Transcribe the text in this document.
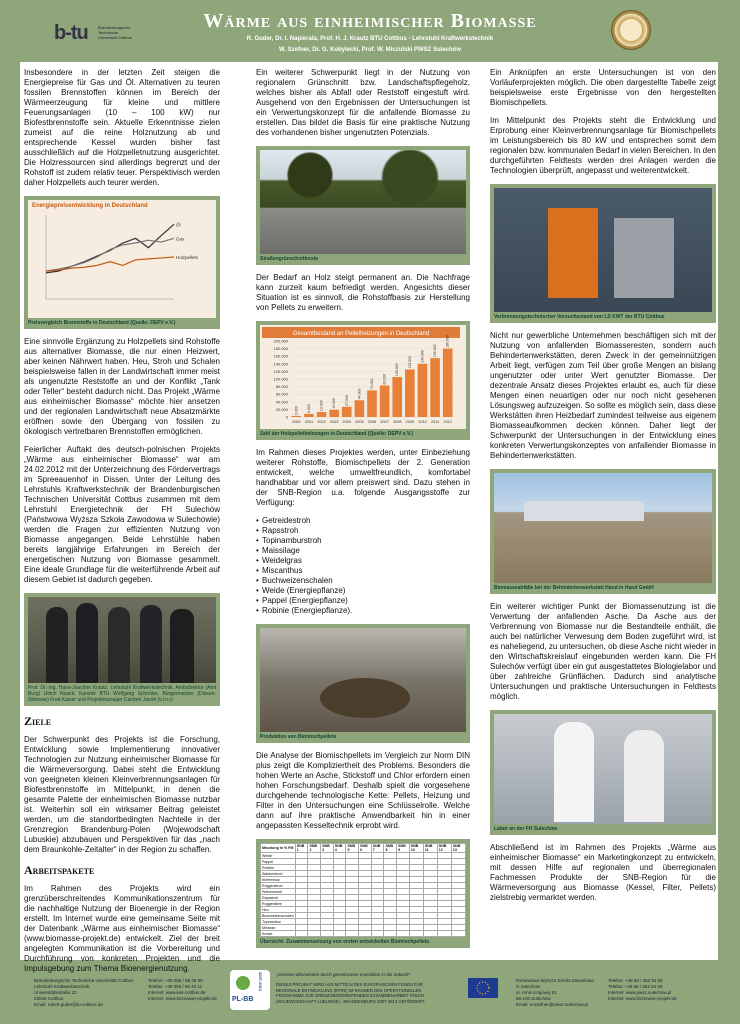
b-tu	Brandenburgische Technische Universität Cottbus
Wärme aus einheimischer Biomasse
R. Guder, Dr. I. Napierala, Prof. H. J. Krautz BTU Cottbus - Lehrstuhl Kraftwerkstechnik
W. Szefner, Dr. G. Kobylecki, Prof. W. Miczulski PWSZ Sulechów

Insbesondere in der letzten Zeit steigen die Energiepreise für Gas und Öl. Alternativen zu teuren fossilen Brennstoffen können im Bereich der Wärmeerzeugung für kleine und mittlere Feuerungsanlagen (10 – 100 kW) nur Biofestbrennstoffe sein. Aktuelle Erkenntnisse zielen zumeist auf die reine Holznutzung ab und entsprechende Kessel wurden bisher fast ausschließlich auf die Holzpelletnutzung ausgerichtet. Die Holzressourcen sind allerdings begrenzt und der Rohstoff ist zudem relativ teuer. Perspektivisch werden daher Holzpellets auch teurer werden.

Energiepreisentwicklung in Deutschland
Öl
Gas
Holzpellets
Preisvergleich Brennstoffe in Deutschland (Quelle: DEPV e.V.)

Eine sinnvolle Ergänzung zu Holzpellets sind Rohstoffe aus alternativer Biomasse, die nur einen Heizwert, aber keinen Nährwert haben. Heu, Stroh und Schalen beispielsweise fallen in der Landwirtschaft immer meist als ungenutzte Reststoffe an und der Konflikt „Tank oder Teller“ besteht dadurch nicht. Das Projekt „Wärme aus einheimischer Biomasse“ möchte hier ansetzen und der regionalen Landwirtschaft neue Absatzmärkte eröffnen sowie den Übergang von fossilen zu ökologisch vertretbaren Brennstoffen ermöglichen.

Feierlicher Auftakt des deutsch-polnischen Projekts „Wärme aus einheimischer Biomasse“ war am 24.02.2012 mit der Unterzeichnung des Fördervertrags im Spreeauenhof in Dissen. Unter der Leitung des Lehrstuhls Kraftwerkstechnik der Brandenburgischen Technischen Universität Cottbus zusammen mit dem Lehrstuhl Energietechnik der FH Sulechów (Państwowa Wyższa Szkoła Zawodowa w Sulechowie) werden die Fragen zur effizienten Nutzung von Biomasse angegangen. Beide Lehrstühle haben bereits langjährige Erfahrungen im Bereich der energetischen Nutzung von Biomasse gesammelt. Eine ideale Grundlage für die weiterführende Arbeit auf diesem Gebiet ist dadurch gegeben.

Prof. Dr.-Ing. Hans-Joachim Krautz, Lehrstuhl Kraftwerkstechnik, Amtsdirektor (Amt Burg) Ulrich Noack, Kanzler BTU Wolfgang Schröder, Bürgermeister (Dissen-Striesow) Fred Kaiser und Projektmanager Carsten Jacob (v.l.n.r)
Ziele

Der Schwerpunkt des Projekts ist die Forschung, Entwicklung sowie Implementierung innovativer Technologien zur Nutzung einheimischer Biomasse für die Wärmeversorgung. Dabei steht die Entwicklung von geeigneten kleinen Kleinverbrennungsanlagen für Biofestbrennstoffe im Mittelpunkt, in denen die gesamte Palette der einheimischen Biomasse nutzbar ist. Weiterhin soll ein wirksamer Beitrag geleistet werden, um die standortbedingten Nachteile in der Grenzregion Brandenburg-Polen (Wojewodschaft Lubuskie) abzubauen und Perspektiven für das „nach dem Braunkohle-Zeitalter“ in der Region zu schaffen.

Arbeitspakete

Im Rahmen des Projekts wird ein grenzüberschreitendes Kommunikationszentrum für die nachhaltige Nutzung der Bioenergie in der Region erstellt. Im Internet wurde eine gemeinsame Seite mit der Datenbank „Wärme aus einheimischer Biomasse“ (www.biomasse-projekt.de) entwickelt. Ziel der breit angelegten Kommunikation ist die Vorbereitung und Durchführung von konkreten Projekten und die Impulsgebung zum Thema Bioenergienutzung.

Ein weiterer Schwerpunkt liegt in der Nutzung von regionalem Grünschnitt bzw. Landschaftspflegeholz, welches bisher als Abfall oder Reststoff eingestuft wird. Ausgehend von den Ergebnissen der Untersuchungen ist ein Verwertungskonzept für die anfallende Biomasse zu erstellen. Das bildet die Basis für eine praktische Nutzung des vorhandenen bisher ungenutzten Potenzials.

Straßengrünschnittreste

Der Bedarf an Holz steigt permanent an. Die Nachfrage kann zurzeit kaum befriedigt werden. Angesichts dieser Situation ist es sinnvoll, die Rohstoffbasis zur Herstellung von Pellets zu erweitern.

Gesamtbestand an Pelletheizungen in Deutschland
0
20.000
40.000
60.000
80.000
100.000
120.000
140.000
160.000
180.000
200.000
3.000
2000
8.000
2001
13.000
2002
19.000
2003
27.000
2004
44.000
2005
70.000
2006
83.000
2007
105.000
2008
125.000
2009
140.000
2010
155.000
2011
180.000
2012
Zahl der Holzpelletheizungen in Deutschland (Quelle: DEPV e.V.)

Im Rahmen dieses Projektes werden, unter Einbeziehung weiterer Rohstoffe, Biomischpellets der 2. Generation entwickelt, welche umweltfreundlich, komfortabel handhabbar und vor allem preiswert sind. Dazu stehen in der SNB-Region u.a. folgende Ausgangsstoffe zur Verfügung:

• Getreidestroh
• Rapsstroh
• Topinamburstroh
• Maissilage
• Weidelgras
• Miscanthus
• Buchweizenschalen
• Weide (Energiepflanze)
• Pappel (Energiepflanze)
• Robinie (Energiepflanze).
Produktion von Biomischpellets

Die Analyse der Biomischpellets im Vergleich zur Norm DIN plus zeigt die Kompliziertheit des Problems. Besonders die hohen Werte an Asche, Stickstoff und Chlor erfordern einen hohen Forschungsbedarf. Deshalb spielt die vorgesehene durchgehende technologische Kette: Pellets, Heizung und Filter in den Untersuchungen eine Schlüsselrolle. Welche dann auf ihre praktische Anwendbarkeit hin in einer angepassten Kesseltechnik erprobt wird.

Mischung in % FM	SNB 1	SNB 2	SNB 3	SNB 4	SNB 5	SNB 6	SNB 7	SNB 8	SNB 9	SNB 10	SNB 11	SNB 12	SNB 13
Weide													
Pappel													
Robinie													
Waldrestholz													
Kiefernholz													
Roggenstroh													
Weizenstroh													
Rapsstroh													
Roggenkleie													
Heu													
Buchweizenschalen													
Topinambur													
Melasse													
Kreide													
Übersicht: Zusammensetzung von ersten entwickelten Biomischpellets

Ein Anknüpfen an erste Untersuchungen ist von den Vorläuferprojekten möglich. Die oben dargestellte Tabelle zeigt beispielsweise erste Ergebnisse von den hergestellten Biomischpellets.

Im Mittelpunkt des Projekts steht die Entwicklung und Erprobung einer Kleinverbrennungsanlage für Biomischpellets im Leistungsbereich bis 80 kW und entsprechen somit dem regionalen bzw. kommunalen Bedarf in vielen Bereichen. In den durchgeführten Feldtests werden drei Anlagen werden die Technologien überprüft, angepasst und weiterentwickelt.

Verbrennungstechnischer Versuchsstand von LS KWT der BTU Cottbus

Nicht nur gewerbliche Unternehmen beschäftigen sich mit der Nutzung von anfallenden Biomasseresten, sondern auch Behindertenwerkstätten, deren Zweck in der gemeinnützigen Arbeit liegt, verfügen zum Teil über große Mengen an bislang ungenutzter oder unter Wert genutzter Biomasse. Der dezentrale Ansatz dieses Projektes erlaubt es, auch für diese Mengen einen neuartigen oder nur noch nicht gesehenen Lösungsweg aufzuzeigen. So sollte es möglich sein, dass diese Werkstätten ihren Heizbedarf zumindest teilweise aus eigenem Biomasseaufkommen decken können. Daher liegt der Schwerpunkt der Untersuchungen in der Entwicklung eines konkreten Verwertungskonzeptes von anfallender Biomasse in Behindertenwerkstätten.

Biomasseabfälle bei der Behindertenwerkstatt Hand in Hand GmbH

Ein weiterer wichtiger Punkt der Biomassenutzung ist die Verwertung der anfallenden Asche. Da Asche aus der Verbrennung von Biomasse nur die Bestandteile enthält, die auch bei natürlicher Verwesung dem Boden zugeführt wird, ist es naheliegend, zu untersuchen, ob diese Asche nicht wieder in den Wirtschaftskreislauf eingebunden werden kann. Die FH Sulechów verfügt über ein gut ausgestattetes Biologielabor und über zahlreiche Grünflächen. Dadurch sind analytische Untersuchungen und praktische Untersuchungen in Feldtests möglich.

Labor an der FH Sulechów

Abschließend ist im Rahmen des Projekts „Wärme aus einheimischer Biomasse“ ein Marketingkonzept zu entwickeln, mit dessen Hilfe auf regionalen und überregionalen Fachmessen Produkte der SNB-Region für die Wärmeversorgung aus Biomasse (Kessel, Filter, Pellets) zielstrebig vermarktet werden.

Brandenburgische Technische Universität Cottbus
Lehrstuhl Kraftwerkstechnik
Universitätsstraße 22
03046 Cottbus
Email: robert.guder@tu-cottbus.de
Telefon: +49 355 / 69 36 96
Telefax: +49 355 / 69 40 11
Internet: www.kwt-cottbus.de
Internet: www.biomasse-projekt.de PL-BB
2007-2013	„Grenzen überwinden durch gemeinsame Investition in die Zukunft“
DIESES PROJEKT WIRD AUS MITTELN DES EUROPÄISCHEN FONDS FÜR
REGIONALE ENTWICKLUNG (EFRE) IM RAHMEN DES OPERATIONELLEN
PROGRAMMS ZUR GRENZÜBERGREIFENDEN ZUSAMMENARBEIT POLEN
(WOJEWODSCHAFT LUBUSKIE) - BRANDENBURG 2007-2013 GEFÖRDERT.
Państwowa Wyższa Szkoła Zawodowa
in Sulechów
ul. Armii Krajowej 51
66-100 Sulechów
Email: w.szefner@pwsz.sulechow.pl
Telefon: +48 68 / 352 94 58
Telefax: +48 68 / 352 94 58
Internet: www.pwsz.sulechow.pl
Internet: www.biomasse-projekt.de
